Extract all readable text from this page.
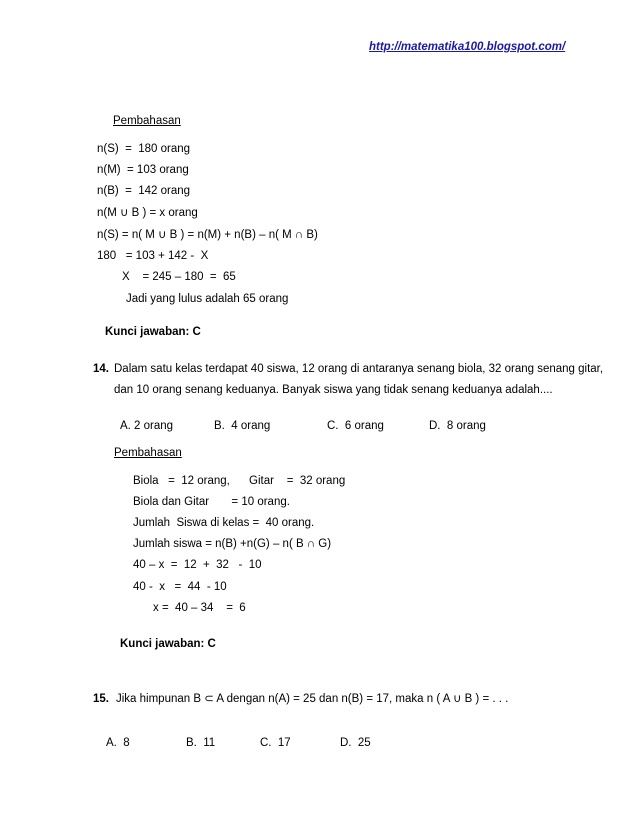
http://matematika100.blogspot.com/
Pembahasan
n(S)  =  180 orang
n(M)  = 103 orang
n(B)  =  142 orang
n(M ∪ B ) = x orang
n(S) = n( M ∪ B ) = n(M) + n(B) – n( M ∩ B)
180   = 103 + 142 -  X
X    = 245 – 180  =  65
Jadi yang lulus adalah 65 orang
Kunci jawaban: C
14. Dalam satu kelas terdapat 40 siswa, 12 orang di antaranya senang biola, 32 orang senang gitar,
dan 10 orang senang keduanya. Banyak siswa yang tidak senang keduanya adalah....
A. 2 orang	B.  4 orang	C.  6 orang	D.  8 orang
Pembahasan
Biola   =  12 orang,      Gitar    =  32 orang
Biola dan Gitar       = 10 orang.
Jumlah  Siswa di kelas =  40 orang.
Jumlah siswa = n(B) +n(G) – n( B ∩ G)
40 – x  =  12  +  32   -  10
40 -  x   =  44  - 10
x =  40 – 34    =  6
Kunci jawaban: C
15. Jika himpunan B ⊂ A dengan n(A) = 25 dan n(B) = 17, maka n ( A ∪ B ) = . . .
A.  8	B.  11	C.  17	D.  25
